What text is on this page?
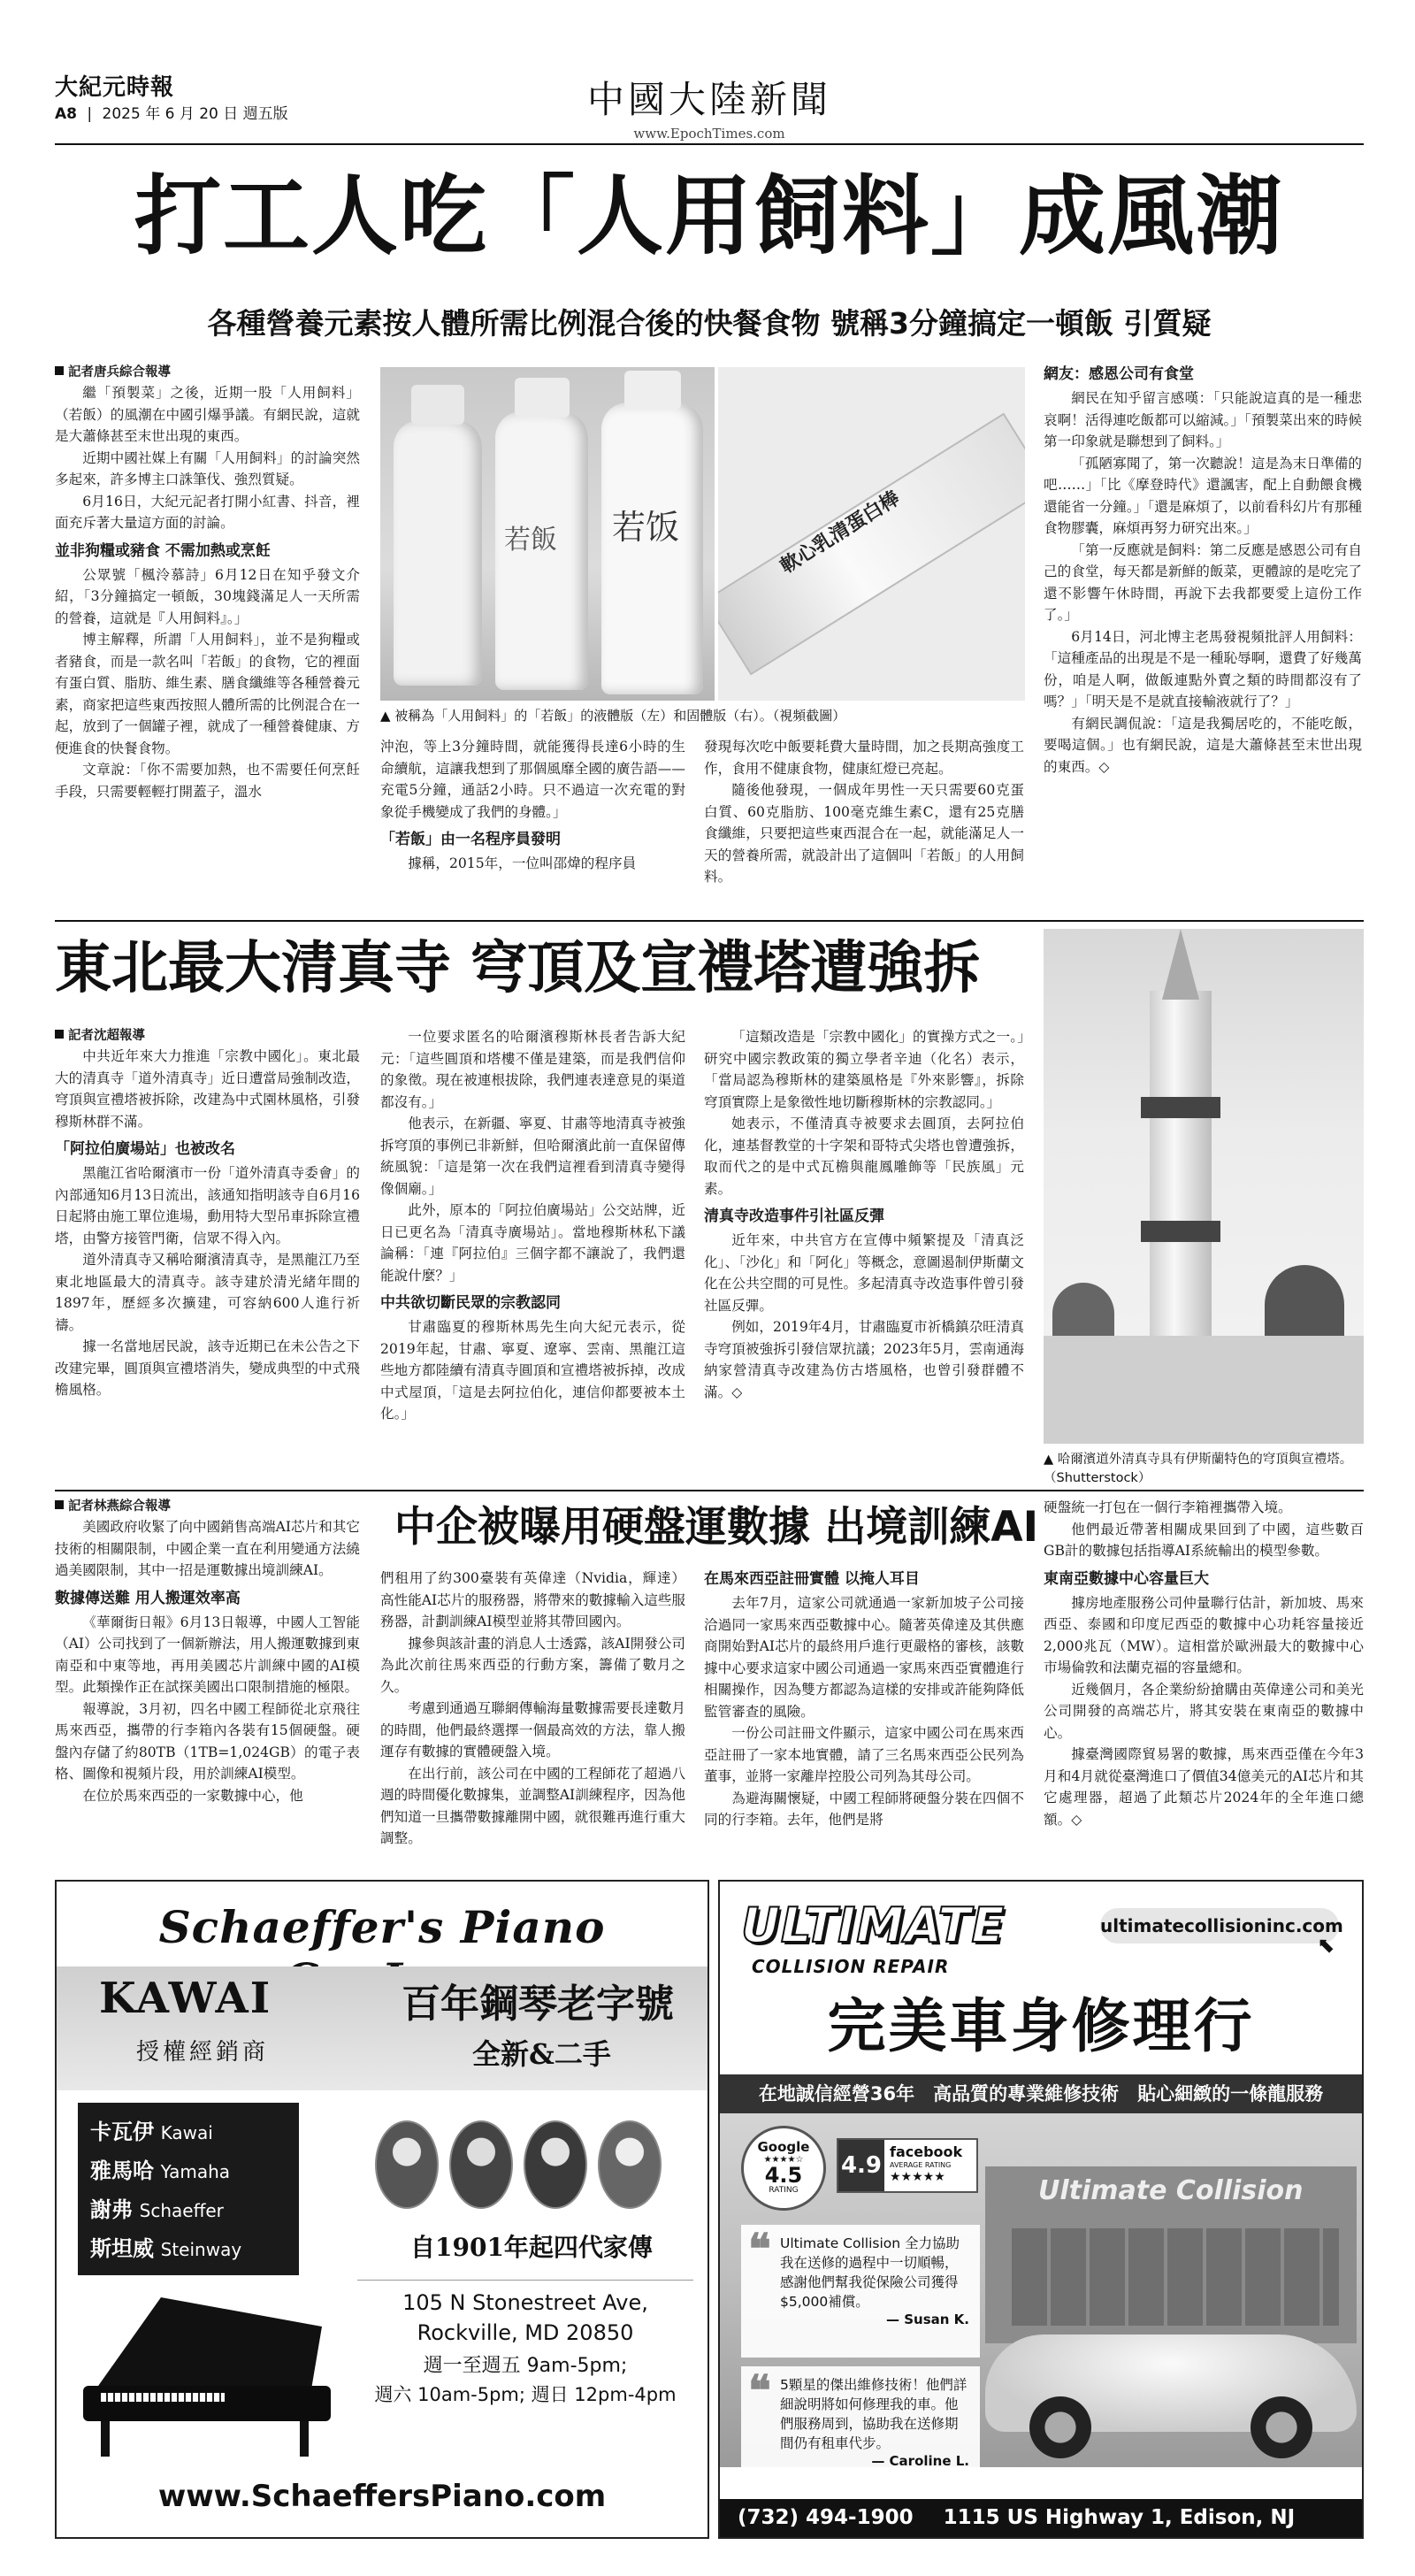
大紀元時報
A8 | 2025 年 6 月 20 日 週五版	中國大陸新聞
www.EpochTimes.com
打工人吃「人用飼料」成風潮
各種營養元素按人體所需比例混合後的快餐食物 號稱3分鐘搞定一頓飯 引質疑
記者唐兵綜合報導

繼「預製菜」之後，近期一股「人用飼料」（若飯）的風潮在中國引爆爭議。有網民說，這就是大蕭條甚至末世出現的東西。

近期中國社媒上有關「人用飼料」的討論突然多起來，許多博主口誅筆伐、強烈質疑。

6月16日，大紀元記者打開小紅書、抖音，裡面充斥著大量這方面的討論。

並非狗糧或豬食 不需加熱或烹飪

公眾號「楓泠慕詩」6月12日在知乎發文介紹，「3分鐘搞定一頓飯，30塊錢滿足人一天所需的營養，這就是『人用飼料』。」

博主解釋，所謂「人用飼料」，並不是狗糧或者豬食，而是一款名叫「若飯」的食物，它的裡面有蛋白質、脂肪、維生素、膳食纖維等各種營養元素，商家把這些東西按照人體所需的比例混合在一起，放到了一個罐子裡，就成了一種營養健康、方便進食的快餐食物。

文章說：「你不需要加熱，也不需要任何烹飪手段，只需要輕輕打開蓋子，溫水

若饭
若飯	軟心乳清蛋白棒
▲ 被稱為「人用飼料」的「若飯」的液體版（左）和固體版（右）。（視頻截圖）

沖泡，等上3分鐘時間，就能獲得長達6小時的生命續航，這讓我想到了那個風靡全國的廣告語——充電5分鐘，通話2小時。只不過這一次充電的對象從手機變成了我們的身體。」

「若飯」由一名程序員發明

據稱，2015年，一位叫邵煒的程序員

發現每次吃中飯要耗費大量時間，加之長期高強度工作，食用不健康食物，健康紅燈已亮起。

隨後他發現，一個成年男性一天只需要60克蛋白質、60克脂肪、100毫克維生素C，還有25克膳食纖維，只要把這些東西混合在一起，就能滿足人一天的營養所需，就設計出了這個叫「若飯」的人用飼料。

網友：感恩公司有食堂

網民在知乎留言感嘆：「只能說這真的是一種悲哀啊！活得連吃飯都可以縮減。」「預製菜出來的時候第一印象就是聯想到了飼料。」

「孤陋寡聞了，第一次聽說！這是為末日準備的吧……」「比《摩登時代》還諷害，配上自動餵食機還能省一分鐘。」「還是麻煩了，以前看科幻片有那種食物膠囊，麻煩再努力研究出來。」

「第一反應就是飼料：第二反應是感恩公司有自己的食堂，每天都是新鮮的飯菜，更體諒的是吃完了還不影響午休時間，再說下去我都要愛上這份工作了。」

6月14日，河北博主老馬發視頻批評人用飼料：「這種產品的出現是不是一種恥辱啊，還費了好幾萬份，咱是人啊，做飯連點外賣之類的時間都沒有了嗎？」「明天是不是就直接輸液就行了？」

有網民調侃說：「這是我獨居吃的，不能吃飯，要喝這個。」也有網民說，這是大蕭條甚至末世出現的東西。◇

東北最大清真寺 穹頂及宣禮塔遭強拆
記者沈超報導

中共近年來大力推進「宗教中國化」。東北最大的清真寺「道外清真寺」近日遭當局強制改造，穹頂與宣禮塔被拆除，改建為中式園林風格，引發穆斯林群不滿。

「阿拉伯廣場站」也被改名

黑龍江省哈爾濱市一份「道外清真寺委會」的內部通知6月13日流出，該通知指明該寺自6月16日起將由施工單位進場，動用特大型吊車拆除宣禮塔，由警方接管門衛，信眾不得入內。

道外清真寺又稱哈爾濱清真寺，是黑龍江乃至東北地區最大的清真寺。該寺建於清光緒年間的1897年，歷經多次擴建，可容納600人進行祈禱。

據一名當地居民說，該寺近期已在未公告之下改建完畢，圓頂與宣禮塔消失，變成典型的中式飛檐風格。

一位要求匿名的哈爾濱穆斯林長者告訴大紀元：「這些圓頂和塔樓不僅是建築，而是我們信仰的象徵。現在被連根拔除，我們連表達意見的渠道都沒有。」

他表示，在新疆、寧夏、甘肅等地清真寺被強拆穹頂的事例已非新鮮，但哈爾濱此前一直保留傳統風貌：「這是第一次在我們這裡看到清真寺變得像個廟。」

此外，原本的「阿拉伯廣場站」公交站牌，近日已更名為「清真寺廣場站」。當地穆斯林私下議論稱：「連『阿拉伯』三個字都不讓說了，我們還能說什麼？」

中共欲切斷民眾的宗教認同

甘肅臨夏的穆斯林馬先生向大紀元表示，從2019年起，甘肅、寧夏、遼寧、雲南、黑龍江這些地方都陸續有清真寺圓頂和宣禮塔被拆掉，改成中式屋頂，「這是去阿拉伯化，連信仰都要被本土化。」

「這類改造是「宗教中國化」的實操方式之一。」研究中國宗教政策的獨立學者辛迪（化名）表示，「當局認為穆斯林的建築風格是『外來影響』，拆除穹頂實際上是象徵性地切斷穆斯林的宗教認同。」

她表示，不僅清真寺被要求去圓頂，去阿拉伯化，連基督教堂的十字架和哥特式尖塔也曾遭強拆，取而代之的是中式瓦檐與龍鳳雕飾等「民族風」元素。

清真寺改造事件引社區反彈

近年來，中共官方在宣傳中頻繁提及「清真泛化」、「沙化」和「阿化」等概念，意圖遏制伊斯蘭文化在公共空間的可見性。多起清真寺改造事件曾引發社區反彈。

例如，2019年4月，甘肅臨夏市祈橋鎮尕旺清真寺穹頂被強拆引發信眾抗議；2023年5月，雲南通海納家營清真寺改建為仿古塔風格，也曾引發群體不滿。◇

▲ 哈爾濱道外清真寺具有伊斯蘭特色的穹頂與宣禮塔。（Shutterstock）
中企被曝用硬盤運數據 出境訓練AI
記者林燕綜合報導

美國政府收緊了向中國銷售高端AI芯片和其它技術的相關限制，中國企業一直在利用變通方法繞過美國限制，其中一招是運數據出境訓練AI。

數據傳送難 用人搬運效率高

《華爾街日報》6月13日報導，中國人工智能（AI）公司找到了一個新辦法，用人搬運數據到東南亞和中東等地，再用美國芯片訓練中國的AI模型。此類操作正在試探美國出口限制措施的極限。

報導說，3月初，四名中國工程師從北京飛往馬來西亞，攜帶的行李箱內各裝有15個硬盤。硬盤內存儲了約80TB（1TB=1,024GB）的電子表格、圖像和視頻片段，用於訓練AI模型。

在位於馬來西亞的一家數據中心，他

們租用了約300臺裝有英偉達（Nvidia，輝達）高性能AI芯片的服務器，將帶來的數據輸入這些服務器，計劃訓練AI模型並將其帶回國內。

據參與該計畫的消息人士透露，該AI開發公司為此次前往馬來西亞的行動方案，籌備了數月之久。

考慮到通過互聯網傳輸海量數據需要長達數月的時間，他們最終選擇一個最高效的方法，靠人搬運存有數據的實體硬盤入境。

在出行前，該公司在中國的工程師花了超過八週的時間優化數據集，並調整AI訓練程序，因為他們知道一旦攜帶數據離開中國，就很難再進行重大調整。

在馬來西亞註冊實體 以掩人耳目

去年7月，這家公司就通過一家新加坡子公司接洽過同一家馬來西亞數據中心。隨著英偉達及其供應商開始對AI芯片的最終用戶進行更嚴格的審核，該數據中心要求這家中國公司通過一家馬來西亞實體進行相關操作，因為雙方都認為這樣的安排或許能夠降低監管審查的風險。

一份公司註冊文件顯示，這家中國公司在馬來西亞註冊了一家本地實體，請了三名馬來西亞公民列為董事，並將一家離岸控股公司列為其母公司。

為避海關懷疑，中國工程師將硬盤分裝在四個不同的行李箱。去年，他們是將

硬盤統一打包在一個行李箱裡攜帶入境。

他們最近帶著相關成果回到了中國，這些數百GB計的數據包括指導AI系統輸出的模型參數。

東南亞數據中心容量巨大

據房地產服務公司仲量聯行估計，新加坡、馬來西亞、泰國和印度尼西亞的數據中心功耗容量接近2,000兆瓦（MW）。這相當於歐洲最大的數據中心市場倫敦和法蘭克福的容量總和。

近幾個月，各企業紛紛搶購由英偉達公司和美光公司開發的高端芯片，將其安裝在東南亞的數據中心。

據臺灣國際貿易署的數據，馬來西亞僅在今年3月和4月就從臺灣進口了價值34億美元的AI芯片和其它處理器，超過了此類芯片2024年的全年進口總額。◇

Schaeffer's Piano
KAWAI
授權經銷商
百年鋼琴老字號
全新&二手
卡瓦伊 Kawai
雅馬哈 Yamaha
謝弗 Schaeffer
斯坦威 Steinway	自1901年起四代家傳
105 N Stonestreet Ave,
Rockville, MD 20850
週一至週五 9am-5pm;
週六 10am-5pm; 週日 12pm-4pm
www.SchaeffersPiano.com
ULTIMATE
COLLISION REPAIR
ultimatecollisioninc.com
⬉
完美車身修理行
在地誠信經營36年　高品質的專業維修技術　貼心細緻的一條龍服務
Ultimate Collision
Google
★★★★☆
4.5
RATING
4.9
facebook
AVERAGE RATING
★★★★★
❝ Ultimate Collision 全力協助我在送修的過程中一切順暢，感謝他們幫我從保險公司獲得$5,000補償。
— Susan K.
❝ 5顆星的傑出維修技術！他們詳細說明將如何修理我的車。他們服務周到，協助我在送修期間仍有租車代步。
— Caroline L.
(732) 494-1900 1115 US Highway 1, Edison, NJ 08837
